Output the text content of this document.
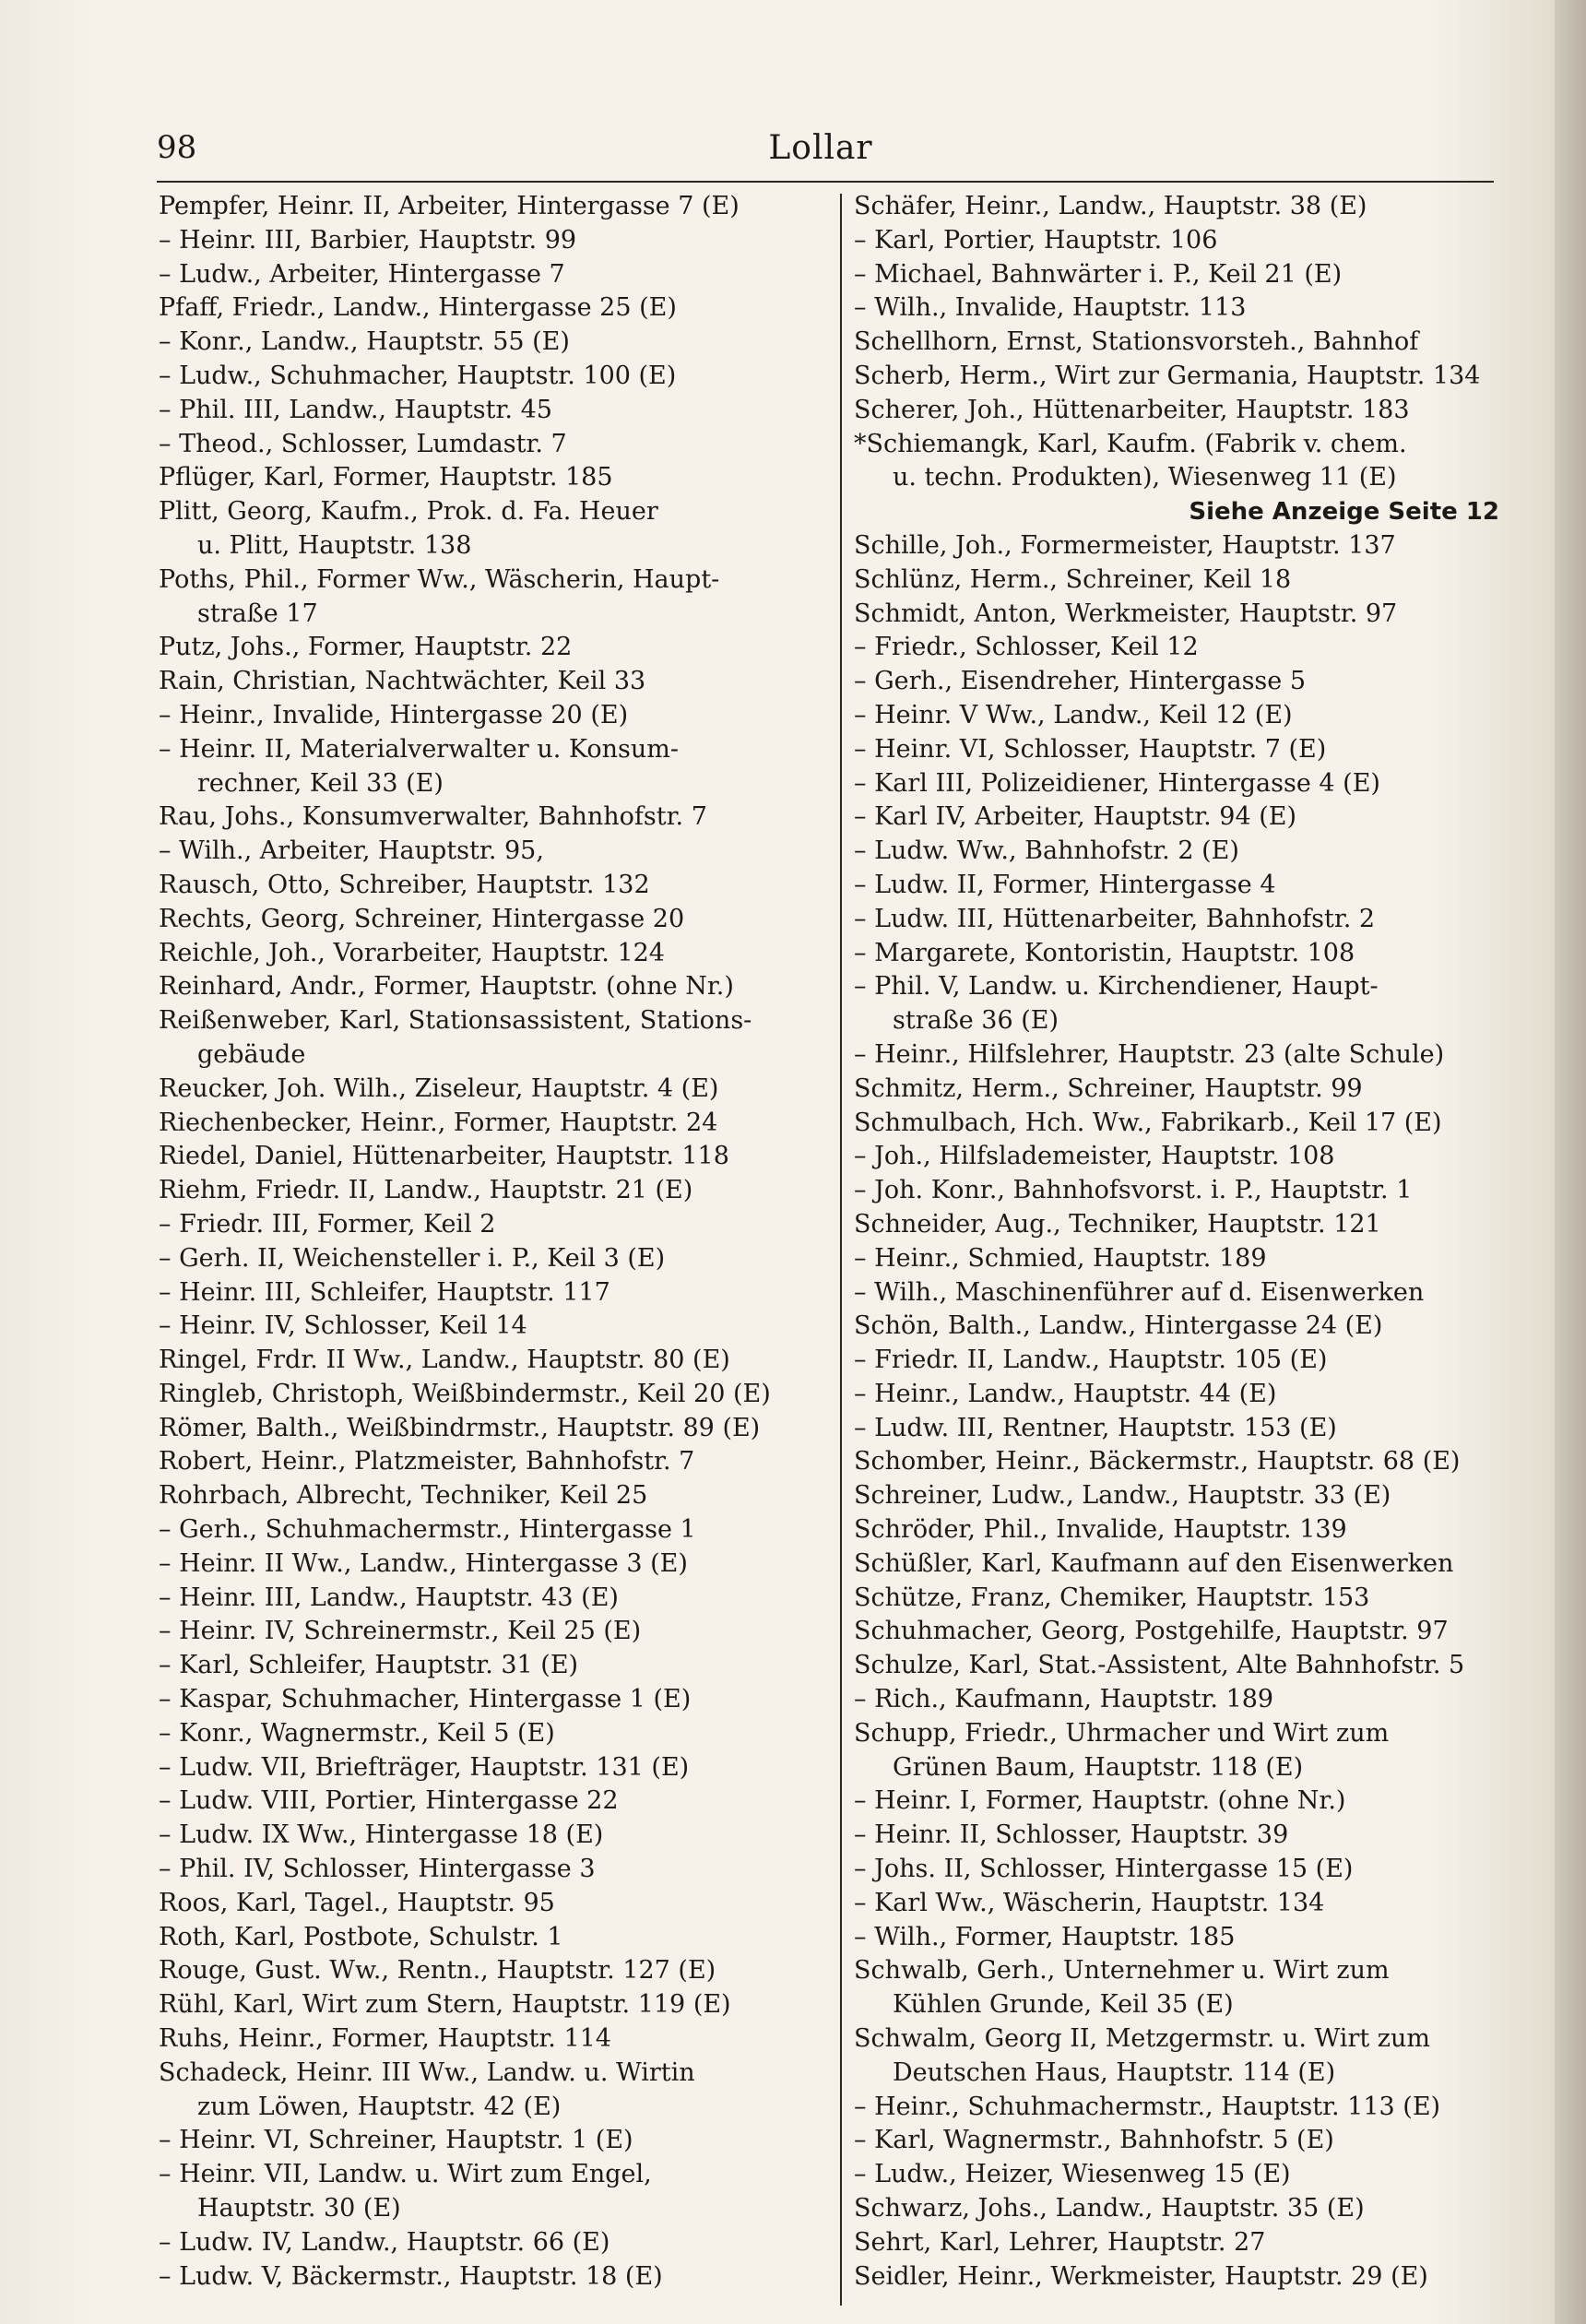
98	Lollar
Pempfer, Heinr. II, Arbeiter, Hintergasse 7 (E)
– Heinr. III, Barbier, Hauptstr. 99
– Ludw., Arbeiter, Hintergasse 7
Pfaff, Friedr., Landw., Hintergasse 25 (E)
– Konr., Landw., Hauptstr. 55 (E)
– Ludw., Schuhmacher, Hauptstr. 100 (E)
– Phil. III, Landw., Hauptstr. 45
– Theod., Schlosser, Lumdastr. 7
Pflüger, Karl, Former, Hauptstr. 185
Plitt, Georg, Kaufm., Prok. d. Fa. Heuer
u. Plitt, Hauptstr. 138
Poths, Phil., Former Ww., Wäscherin, Haupt-
straße 17
Putz, Johs., Former, Hauptstr. 22
Rain, Christian, Nachtwächter, Keil 33
– Heinr., Invalide, Hintergasse 20 (E)
– Heinr. II, Materialverwalter u. Konsum-
rechner, Keil 33 (E)
Rau, Johs., Konsumverwalter, Bahnhofstr. 7
– Wilh., Arbeiter, Hauptstr. 95,
Rausch, Otto, Schreiber, Hauptstr. 132
Rechts, Georg, Schreiner, Hintergasse 20
Reichle, Joh., Vorarbeiter, Hauptstr. 124
Reinhard, Andr., Former, Hauptstr. (ohne Nr.)
Reißenweber, Karl, Stationsassistent, Stations-
gebäude
Reucker, Joh. Wilh., Ziseleur, Hauptstr. 4 (E)
Riechenbecker, Heinr., Former, Hauptstr. 24
Riedel, Daniel, Hüttenarbeiter, Hauptstr. 118
Riehm, Friedr. II, Landw., Hauptstr. 21 (E)
– Friedr. III, Former, Keil 2
– Gerh. II, Weichensteller i. P., Keil 3 (E)
– Heinr. III, Schleifer, Hauptstr. 117
– Heinr. IV, Schlosser, Keil 14
Ringel, Frdr. II Ww., Landw., Hauptstr. 80 (E)
Ringleb, Christoph, Weißbindermstr., Keil 20 (E)
Römer, Balth., Weißbindrmstr., Hauptstr. 89 (E)
Robert, Heinr., Platzmeister, Bahnhofstr. 7
Rohrbach, Albrecht, Techniker, Keil 25
– Gerh., Schuhmachermstr., Hintergasse 1
– Heinr. II Ww., Landw., Hintergasse 3 (E)
– Heinr. III, Landw., Hauptstr. 43 (E)
– Heinr. IV, Schreinermstr., Keil 25 (E)
– Karl, Schleifer, Hauptstr. 31 (E)
– Kaspar, Schuhmacher, Hintergasse 1 (E)
– Konr., Wagnermstr., Keil 5 (E)
– Ludw. VII, Briefträger, Hauptstr. 131 (E)
– Ludw. VIII, Portier, Hintergasse 22
– Ludw. IX Ww., Hintergasse 18 (E)
– Phil. IV, Schlosser, Hintergasse 3
Roos, Karl, Tagel., Hauptstr. 95
Roth, Karl, Postbote, Schulstr. 1
Rouge, Gust. Ww., Rentn., Hauptstr. 127 (E)
Rühl, Karl, Wirt zum Stern, Hauptstr. 119 (E)
Ruhs, Heinr., Former, Hauptstr. 114
Schadeck, Heinr. III Ww., Landw. u. Wirtin
zum Löwen, Hauptstr. 42 (E)
– Heinr. VI, Schreiner, Hauptstr. 1 (E)
– Heinr. VII, Landw. u. Wirt zum Engel,
Hauptstr. 30 (E)
– Ludw. IV, Landw., Hauptstr. 66 (E)
– Ludw. V, Bäckermstr., Hauptstr. 18 (E)
Schäfer, Heinr., Landw., Hauptstr. 38 (E)
– Karl, Portier, Hauptstr. 106
– Michael, Bahnwärter i. P., Keil 21 (E)
– Wilh., Invalide, Hauptstr. 113
Schellhorn, Ernst, Stationsvorsteh., Bahnhof
Scherb, Herm., Wirt zur Germania, Hauptstr. 134
Scherer, Joh., Hüttenarbeiter, Hauptstr. 183
*Schiemangk, Karl, Kaufm. (Fabrik v. chem.
u. techn. Produkten), Wiesenweg 11 (E)
Siehe Anzeige Seite 12
Schille, Joh., Formermeister, Hauptstr. 137
Schlünz, Herm., Schreiner, Keil 18
Schmidt, Anton, Werkmeister, Hauptstr. 97
– Friedr., Schlosser, Keil 12
– Gerh., Eisendreher, Hintergasse 5
– Heinr. V Ww., Landw., Keil 12 (E)
– Heinr. VI, Schlosser, Hauptstr. 7 (E)
– Karl III, Polizeidiener, Hintergasse 4 (E)
– Karl IV, Arbeiter, Hauptstr. 94 (E)
– Ludw. Ww., Bahnhofstr. 2 (E)
– Ludw. II, Former, Hintergasse 4
– Ludw. III, Hüttenarbeiter, Bahnhofstr. 2
– Margarete, Kontoristin, Hauptstr. 108
– Phil. V, Landw. u. Kirchendiener, Haupt-
straße 36 (E)
– Heinr., Hilfslehrer, Hauptstr. 23 (alte Schule)
Schmitz, Herm., Schreiner, Hauptstr. 99
Schmulbach, Hch. Ww., Fabrikarb., Keil 17 (E)
– Joh., Hilfslademeister, Hauptstr. 108
– Joh. Konr., Bahnhofsvorst. i. P., Hauptstr. 1
Schneider, Aug., Techniker, Hauptstr. 121
– Heinr., Schmied, Hauptstr. 189
– Wilh., Maschinenführer auf d. Eisenwerken
Schön, Balth., Landw., Hintergasse 24 (E)
– Friedr. II, Landw., Hauptstr. 105 (E)
– Heinr., Landw., Hauptstr. 44 (E)
– Ludw. III, Rentner, Hauptstr. 153 (E)
Schomber, Heinr., Bäckermstr., Hauptstr. 68 (E)
Schreiner, Ludw., Landw., Hauptstr. 33 (E)
Schröder, Phil., Invalide, Hauptstr. 139
Schüßler, Karl, Kaufmann auf den Eisenwerken
Schütze, Franz, Chemiker, Hauptstr. 153
Schuhmacher, Georg, Postgehilfe, Hauptstr. 97
Schulze, Karl, Stat.-Assistent, Alte Bahnhofstr. 5
– Rich., Kaufmann, Hauptstr. 189
Schupp, Friedr., Uhrmacher und Wirt zum
Grünen Baum, Hauptstr. 118 (E)
– Heinr. I, Former, Hauptstr. (ohne Nr.)
– Heinr. II, Schlosser, Hauptstr. 39
– Johs. II, Schlosser, Hintergasse 15 (E)
– Karl Ww., Wäscherin, Hauptstr. 134
– Wilh., Former, Hauptstr. 185
Schwalb, Gerh., Unternehmer u. Wirt zum
Kühlen Grunde, Keil 35 (E)
Schwalm, Georg II, Metzgermstr. u. Wirt zum
Deutschen Haus, Hauptstr. 114 (E)
– Heinr., Schuhmachermstr., Hauptstr. 113 (E)
– Karl, Wagnermstr., Bahnhofstr. 5 (E)
– Ludw., Heizer, Wiesenweg 15 (E)
Schwarz, Johs., Landw., Hauptstr. 35 (E)
Sehrt, Karl, Lehrer, Hauptstr. 27
Seidler, Heinr., Werkmeister, Hauptstr. 29 (E)
